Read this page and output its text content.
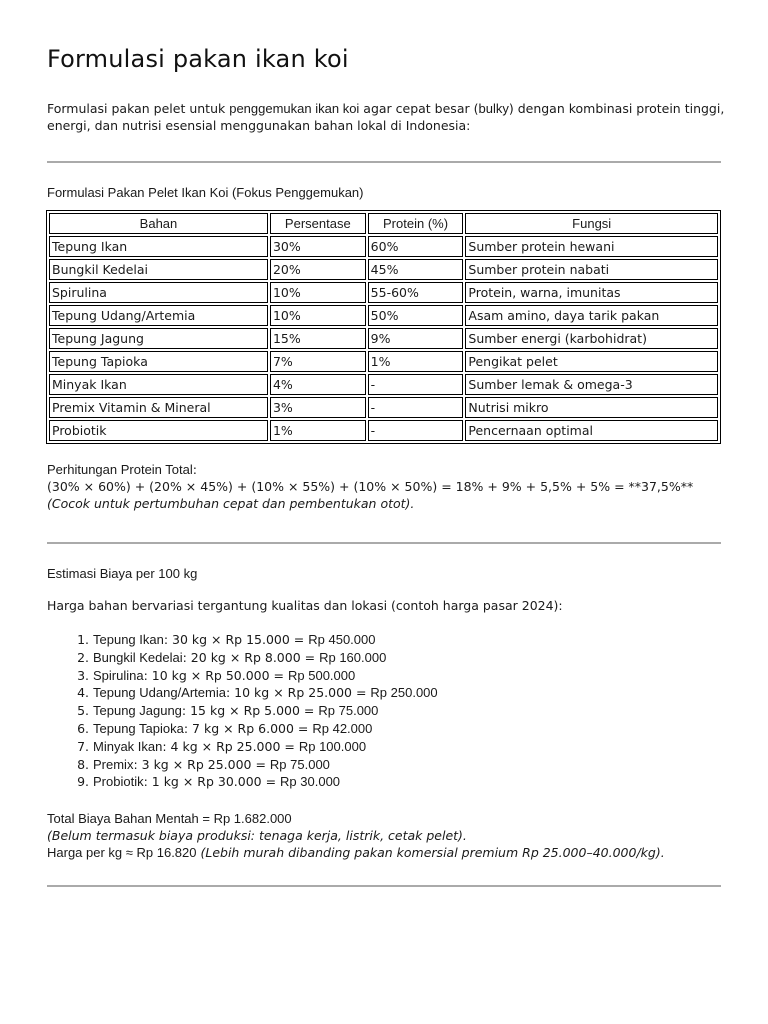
Formulasi pakan ikan koi

Formulasi pakan pelet untuk penggemukan ikan koi agar cepat besar (bulky) dengan kombinasi protein tinggi, energi, dan nutrisi esensial menggunakan bahan lokal di Indonesia:

Formulasi Pakan Pelet Ikan Koi (Fokus Penggemukan)
Bahan	Persentase	Protein (%)	Fungsi
Tepung Ikan	30%	60%	Sumber protein hewani
Bungkil Kedelai	20%	45%	Sumber protein nabati
Spirulina	10%	55-60%	Protein, warna, imunitas
Tepung Udang/Artemia	10%	50%	Asam amino, daya tarik pakan
Tepung Jagung	15%	9%	Sumber energi (karbohidrat)
Tepung Tapioka	7%	1%	Pengikat pelet
Minyak Ikan	4%	-	Sumber lemak & omega-3
Premix Vitamin & Mineral	3%	-	Nutrisi mikro
Probiotik	1%	-	Pencernaan optimal
Perhitungan Protein Total:
(30% × 60%) + (20% × 45%) + (10% × 55%) + (10% × 50%) = 18% + 9% + 5,5% + 5% = **37,5%**
(Cocok untuk pertumbuhan cepat dan pembentukan otot).
Estimasi Biaya per 100 kg
Harga bahan bervariasi tergantung kualitas dan lokasi (contoh harga pasar 2024):
1. Tepung Ikan: 30 kg × Rp 15.000 = Rp 450.000
2. Bungkil Kedelai: 20 kg × Rp 8.000 = Rp 160.000
3. Spirulina: 10 kg × Rp 50.000 = Rp 500.000
4. Tepung Udang/Artemia: 10 kg × Rp 25.000 = Rp 250.000
5. Tepung Jagung: 15 kg × Rp 5.000 = Rp 75.000
6. Tepung Tapioka: 7 kg × Rp 6.000 = Rp 42.000
7. Minyak Ikan: 4 kg × Rp 25.000 = Rp 100.000
8. Premix: 3 kg × Rp 25.000 = Rp 75.000
9. Probiotik: 1 kg × Rp 30.000 = Rp 30.000
Total Biaya Bahan Mentah = Rp 1.682.000
(Belum termasuk biaya produksi: tenaga kerja, listrik, cetak pelet).
Harga per kg ≈ Rp 16.820 (Lebih murah dibanding pakan komersial premium Rp 25.000–40.000/kg).
